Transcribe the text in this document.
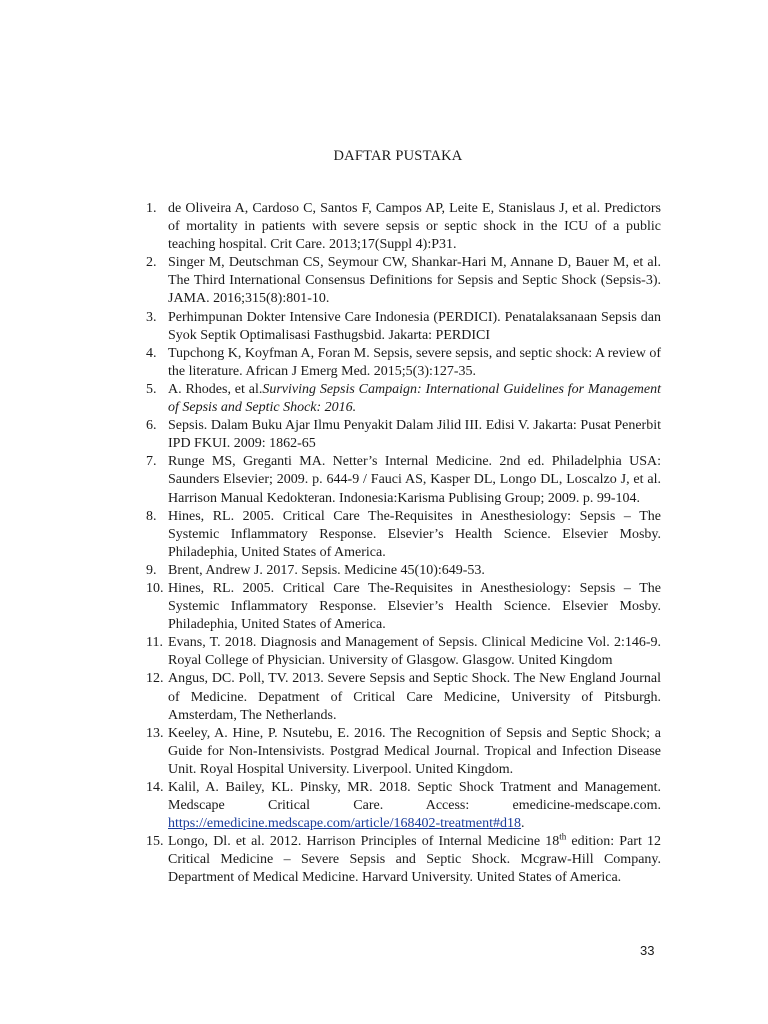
DAFTAR PUSTAKA
1. de Oliveira A, Cardoso C, Santos F, Campos AP, Leite E, Stanislaus J, et al. Predictors of mortality in patients with severe sepsis or septic shock in the ICU of a public teaching hospital. Crit Care. 2013;17(Suppl 4):P31.
2. Singer M, Deutschman CS, Seymour CW, Shankar-Hari M, Annane D, Bauer M, et al. The Third International Consensus Definitions for Sepsis and Septic Shock (Sepsis-3). JAMA. 2016;315(8):801-10.
3. Perhimpunan Dokter Intensive Care Indonesia (PERDICI). Penatalaksanaan Sepsis dan Syok Septik Optimalisasi Fasthugsbid. Jakarta: PERDICI
4. Tupchong K, Koyfman A, Foran M. Sepsis, severe sepsis, and septic shock: A review of the literature. African J Emerg Med. 2015;5(3):127-35.
5. A. Rhodes, et al.Surviving Sepsis Campaign: International Guidelines for Management of Sepsis and Septic Shock: 2016.
6. Sepsis. Dalam Buku Ajar Ilmu Penyakit Dalam Jilid III. Edisi V. Jakarta: Pusat Penerbit IPD FKUI. 2009: 1862-65
7. Runge MS, Greganti MA. Netter’s Internal Medicine. 2nd ed. Philadelphia USA: Saunders Elsevier; 2009. p. 644-9 / Fauci AS, Kasper DL, Longo DL, Loscalzo J, et al. Harrison Manual Kedokteran. Indonesia:Karisma Publising Group; 2009. p. 99-104.
8. Hines, RL. 2005. Critical Care The-Requisites in Anesthesiology: Sepsis – The Systemic Inflammatory Response. Elsevier’s Health Science. Elsevier Mosby. Philadephia, United States of America.
9. Brent, Andrew J. 2017. Sepsis. Medicine 45(10):649-53.
10. Hines, RL. 2005. Critical Care The-Requisites in Anesthesiology: Sepsis – The Systemic Inflammatory Response. Elsevier’s Health Science. Elsevier Mosby. Philadephia, United States of America.
11. Evans, T. 2018. Diagnosis and Management of Sepsis. Clinical Medicine Vol. 2:146-9. Royal College of Physician. University of Glasgow. Glasgow. United Kingdom
12. Angus, DC. Poll, TV. 2013. Severe Sepsis and Septic Shock. The New England Journal of Medicine. Depatment of Critical Care Medicine, University of Pitsburgh. Amsterdam, The Netherlands.
13. Keeley, A. Hine, P. Nsutebu, E. 2016. The Recognition of Sepsis and Septic Shock; a Guide for Non-Intensivists. Postgrad Medical Journal. Tropical and Infection Disease Unit. Royal Hospital University. Liverpool. United Kingdom.
14. Kalil, A. Bailey, KL. Pinsky, MR. 2018. Septic Shock Tratment and Management. Medscape Critical Care. Access: emedicine-medscape.com. https://emedicine.medscape.com/article/168402-treatment#d18.
15. Longo, Dl. et al. 2012. Harrison Principles of Internal Medicine 18th edition: Part 12 Critical Medicine – Severe Sepsis and Septic Shock. Mcgraw-Hill Company. Department of Medical Medicine. Harvard University. United States of America.
33
